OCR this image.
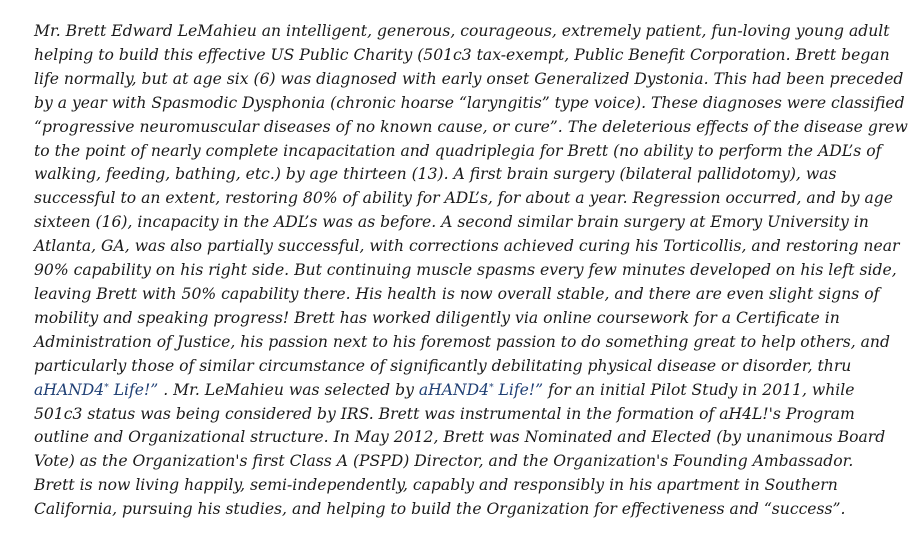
Mr. Brett Edward LeMahieu an intelligent, generous, courageous, extremely patient, fun-loving young adult
helping to build this effective US Public Charity (501c3 tax-exempt, Public Benefit Corporation. Brett began
life normally, but at age six (6) was diagnosed with early onset Generalized Dystonia. This had been preceded
by a year with Spasmodic Dysphonia (chronic hoarse “laryngitis” type voice). These diagnoses were classified
“progressive neuromuscular diseases of no known cause, or cure”. The deleterious effects of the disease grew
to the point of nearly complete incapacitation and quadriplegia for Brett (no ability to perform the ADL’s of
walking, feeding, bathing, etc.) by age thirteen (13). A first brain surgery (bilateral pallidotomy), was
successful to an extent, restoring 80% of ability for ADL’s, for about a year. Regression occurred, and by age
sixteen (16), incapacity in the ADL’s was as before. A second similar brain surgery at Emory University in
Atlanta, GA, was also partially successful, with corrections achieved curing his Torticollis, and restoring near
90% capability on his right side. But continuing muscle spasms every few minutes developed on his left side,
leaving Brett with 50% capability there. His health is now overall stable, and there are even slight signs of
mobility and speaking progress! Brett has worked diligently via online coursework for a Certificate in
Administration of Justice, his passion next to his foremost passion to do something great to help others, and
particularly those of similar circumstance of significantly debilitating physical disease or disorder, thru
aHAND4* Life!” . Mr. LeMahieu was selected by aHAND4* Life!” for an initial Pilot Study in 2011, while
501c3 status was being considered by IRS. Brett was instrumental in the formation of aH4L!'s Program
outline and Organizational structure. In May 2012, Brett was Nominated and Elected (by unanimous Board
Vote) as the Organization's first Class A (PSPD) Director, and the Organization's Founding Ambassador.
Brett is now living happily, semi-independently, capably and responsibly in his apartment in Southern
California, pursuing his studies, and helping to build the Organization for effectiveness and “success”.
